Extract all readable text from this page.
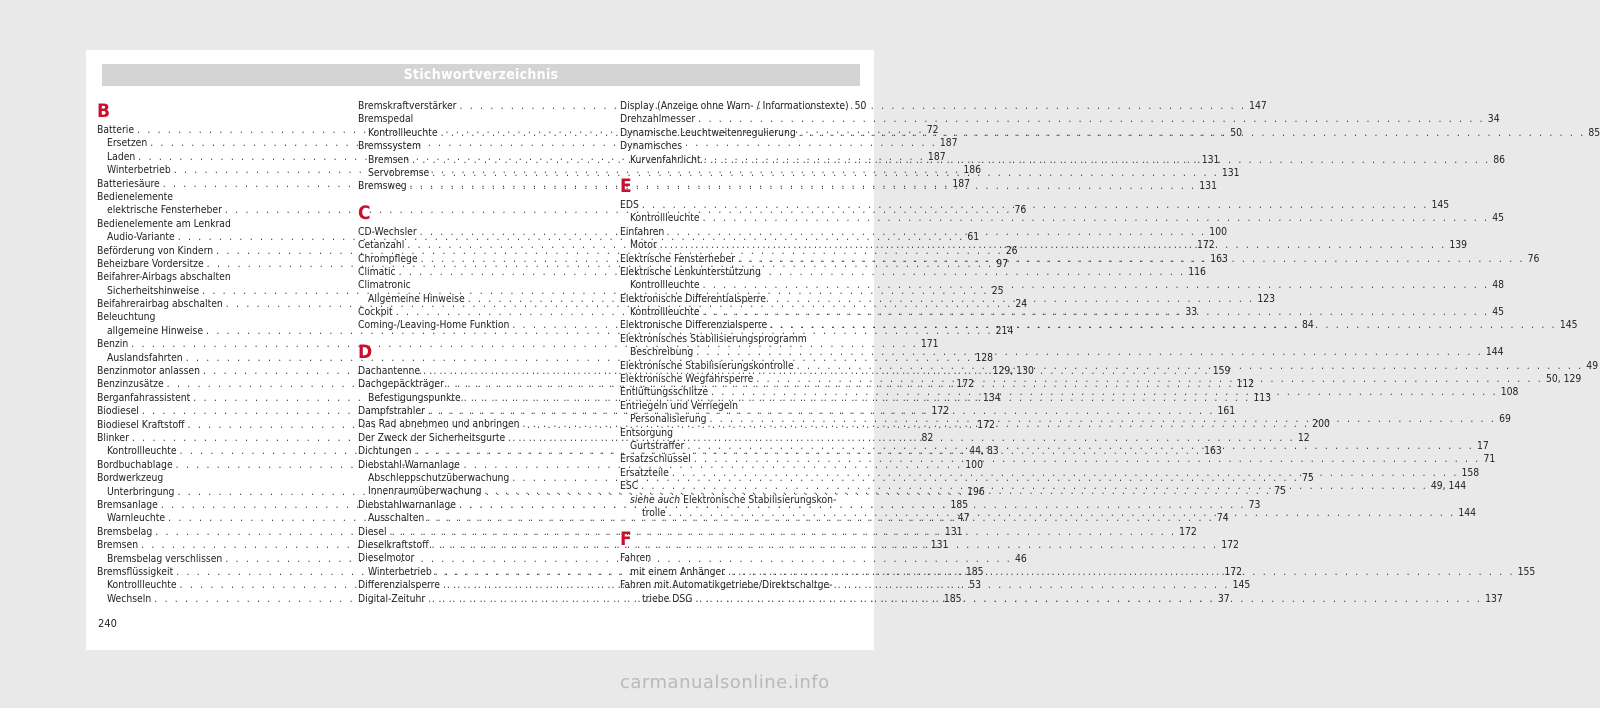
Stichwortverzeichnis
B
Batterie . . .	72
Ersetzen . . .	187
Laden . . .	187
Winterbetrieb . . .	186
Batteriesäure . . .	187
Bedienelemente
elektrische Fensterheber . . .	76
Bedienelemente am Lenkrad
Audio-Variante . . .	61
Beförderung von Kindern . . .	26
Beheizbare Vordersitze . . .	97
Beifahrer-Airbags abschalten
Sicherheitshinweise . . .	25
Beifahrerairbag abschalten . . .	24
Beleuchtung
allgemeine Hinweise . . .	214
Benzin . . .	171
Auslandsfahrten . . .	128
Benzinmotor anlassen . . .	129, 130
Benzinzusätze . . .	172
Berganfahrassistent . . .	134
Biodiesel . . .	172
Biodiesel Kraftstoff . . .	172
Blinker . . .	82
Kontrollleuchte . . .	44, 83
Bordbuchablage . . .	100
Bordwerkzeug
Unterbringung . . .	196
Bremsanlage . . .	185
Warnleuchte . . .	47
Bremsbelag . . .	131
Bremsen . . .	131
Bremsbelag verschlissen . . .	46
Bremsflüssigkeit . . .	185
Kontrollleuchte . . .	53
Wechseln . . .	185
Bremskraftverstärker . . .	147
Bremspedal
Kontrollleuchte . . .	50
Bremssystem
Bremsen . . .	131
Servobremse . . .	131
Bremsweg . . .	131
C
CD-Wechsler . . .	100
Cetanzahl . . .	172
Chrompflege . . .	163
Climatic . . .	116
Climatronic
Allgemeine Hinweise . . .	123
Cockpit . . .	33
Coming-/Leaving-Home Funktion . . .	84
D
Dachantenne . . .	159
Dachgepäckträger . . .	112
Befestigungspunkte . . .	113
Dampfstrahler . . .	161
Das Rad abnehmen und anbringen . . .	200
Der Zweck der Sicherheitsgurte . . .	12
Dichtungen . . .	163
Diebstahl-Warnanlage
Abschleppschutzüberwachung . . .	75
Innenraumüberwachung . . .	75
Diebstahlwarnanlage . . .	73
Ausschalten . . .	74
Diesel . . .	172
Dieselkraftstoff . . .	172
Dieselmotor
Winterbetrieb . . .	172
Differenzialsperre . . .	145
Digital-Zeituhr . . .	37
Display (Anzeige ohne Warn- / Informationstexte) 50
Drehzahlmesser . . .	34
Dynamische Leuchtweitenregulierung . . .	85
Dynamisches
Kurvenfahrlicht . . .	86
E
EDS . . .	145
Kontrollleuchte . . .	45
Einfahren
Motor . . .	139
Elektrische Fensterheber . . .	76
Elektrische Lenkunterstützung
Kontrollleuchte . . .	48
Elektronische Differentialsperre
Kontrollleuchte . . .	45
Elektronische Differenzialsperre . . .	145
Elektronisches Stabilisierungsprogramm
Beschreibung . . .	144
Elektronische Stabilisierungskontrolle . . .	49
Elektronische Wegfahrsperre . . .	50, 129
Entlüftungsschlitze . . .	108
Entriegeln und Verriegeln
Personalisierung . . .	69
Entsorgung
Gurtstraffer . . .	17
Ersatzschlüssel . . .	71
Ersatzteile . . .	158
ESC . . .	49, 144
siehe auch Elektronische Stabilisierungskon-
trolle . . .	144
F
Fahren
mit einem Anhänger . . .	155
Fahren mit Automatikgetriebe/Direktschaltge-
triebe DSG . . .	137
240
carmanualsonline.info
